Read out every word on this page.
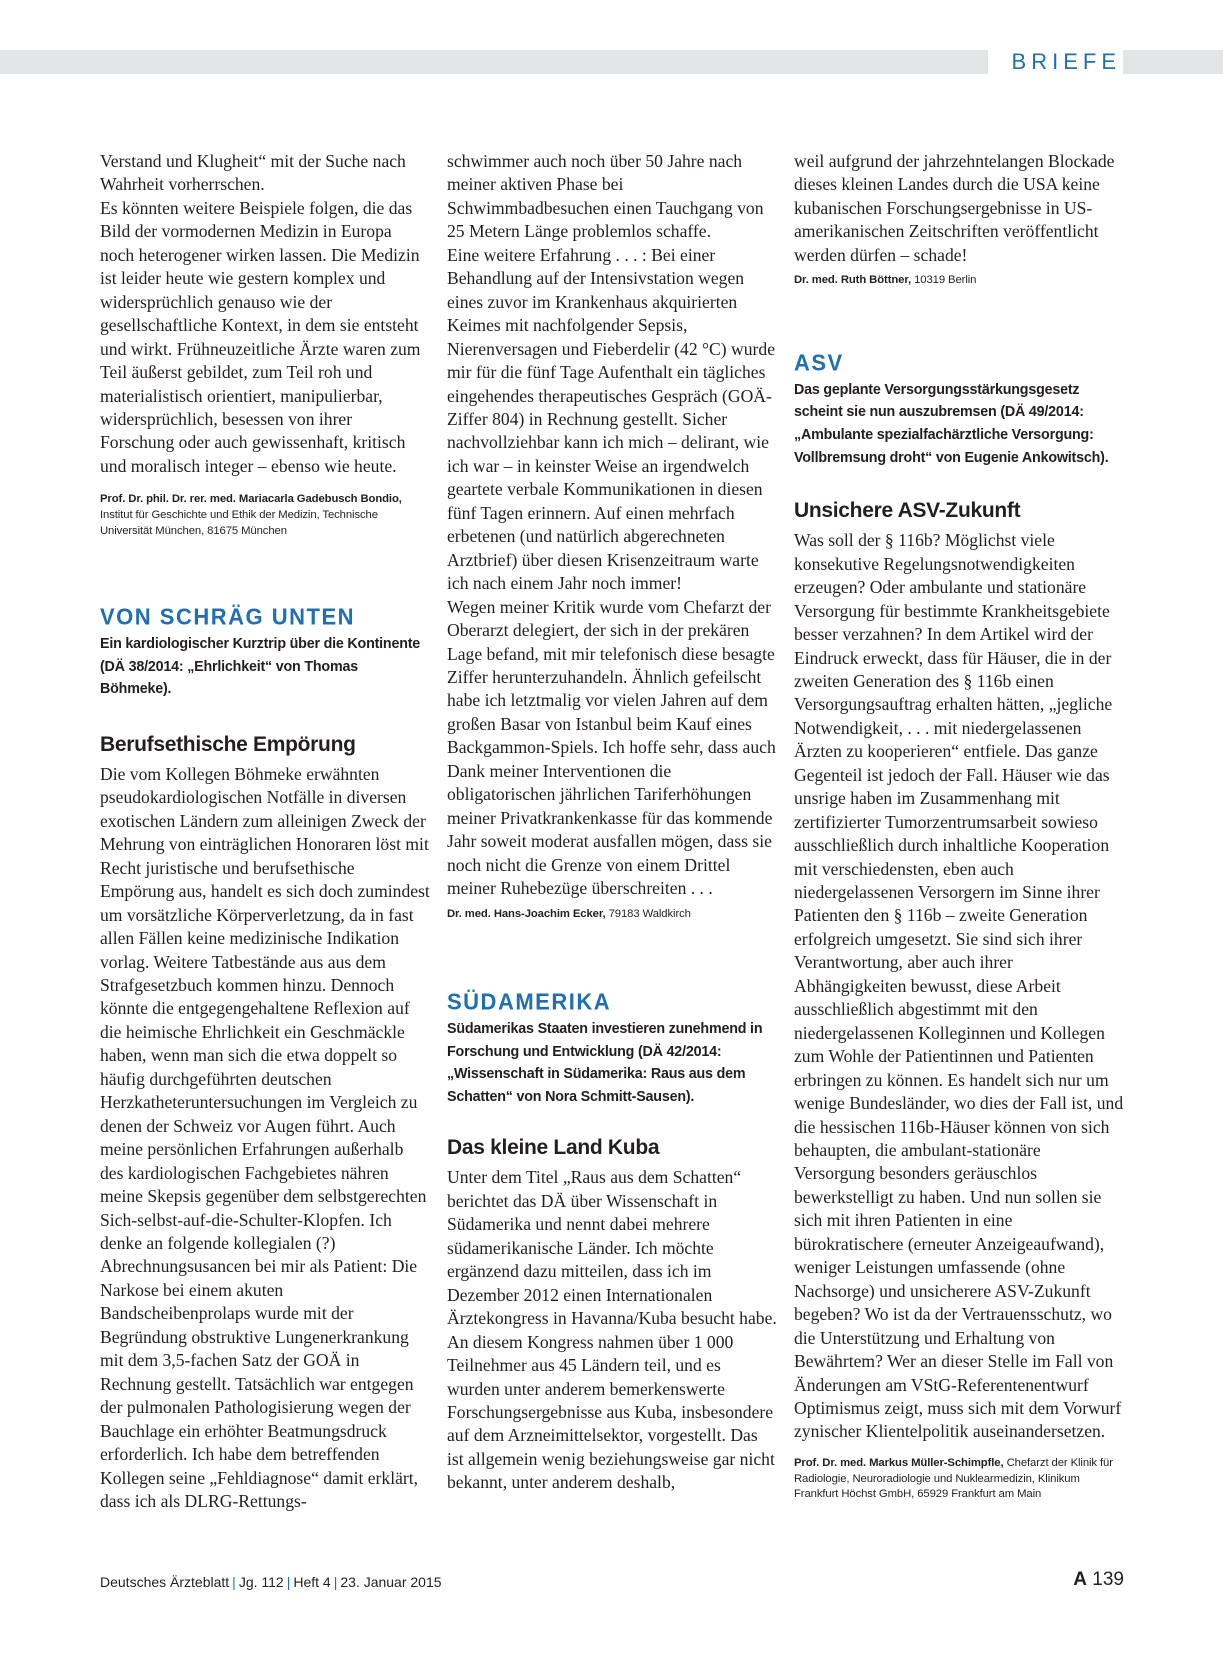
BRIEFE

Verstand und Klugheit“ mit der Suche nach Wahrheit vorherrschen.
Es könnten weitere Beispiele folgen, die das Bild der vormodernen Medizin in Europa noch heterogener wirken lassen. Die Medizin ist leider heute wie gestern komplex und widersprüchlich genauso wie der gesellschaftliche Kontext, in dem sie entsteht und wirkt. Frühneuzeitliche Ärzte waren zum Teil äußerst gebildet, zum Teil roh und materialistisch orientiert, manipulierbar, widersprüchlich, besessen von ihrer Forschung oder auch gewissenhaft, kritisch und moralisch integer – ebenso wie heute.

Prof. Dr. phil. Dr. rer. med. Mariacarla Gadebusch Bondio,
Institut für Geschichte und Ethik der Medizin, Technische Universität München, 81675 München

VON SCHRÄG UNTEN

Ein kardiologischer Kurztrip über die Kontinente (DÄ 38/2014: „Ehrlichkeit“ von Thomas Böhmeke).

Berufsethische Empörung

Die vom Kollegen Böhmeke erwähnten pseudokardiologischen Notfälle in diversen exotischen Ländern zum alleinigen Zweck der Mehrung von einträglichen Honoraren löst mit Recht juristische und berufsethische Empörung aus, handelt es sich doch zumindest um vorsätzliche Körperverletzung, da in fast allen Fällen keine medizinische Indikation vorlag. Weitere Tatbestände aus aus dem Strafgesetzbuch kommen hinzu. Dennoch könnte die entgegengehaltene Reflexion auf die heimische Ehrlichkeit ein Geschmäckle haben, wenn man sich die etwa doppelt so häufig durchgeführten deutschen Herzkatheteruntersuchungen im Vergleich zu denen der Schweiz vor Augen führt. Auch meine persönlichen Erfahrungen außerhalb des kardiologischen Fachgebietes nähren meine Skepsis gegenüber dem selbstgerechten Sich-selbst-auf-die-Schulter-Klopfen. Ich denke an folgende kollegialen (?) Abrechnungsusancen bei mir als Patient: Die Narkose bei einem akuten Bandscheibenprolaps wurde mit der Begründung obstruktive Lungenerkrankung mit dem 3,5-fachen Satz der GOÄ in Rechnung gestellt. Tatsächlich war entgegen der pulmonalen Pathologisierung wegen der Bauchlage ein erhöhter Beatmungsdruck erforderlich. Ich habe dem betreffenden Kollegen seine „Fehldiagnose“ damit erklärt, dass ich als DLRG-Rettungs-

schwimmer auch noch über 50 Jahre nach meiner aktiven Phase bei Schwimmbadbesuchen einen Tauchgang von 25 Metern Länge problemlos schaffe.
Eine weitere Erfahrung . . . : Bei einer Behandlung auf der Intensivstation wegen eines zuvor im Krankenhaus akquirierten Keimes mit nachfolgender Sepsis, Nierenversagen und Fieberdelir (42 °C) wurde mir für die fünf Tage Aufenthalt ein tägliches eingehendes therapeutisches Gespräch (GOÄ-Ziffer 804) in Rechnung gestellt. Sicher nachvollziehbar kann ich mich – delirant, wie ich war – in keinster Weise an irgendwelch geartete verbale Kommunikationen in diesen fünf Tagen erinnern. Auf einen mehrfach erbetenen (und natürlich abgerechneten Arztbrief) über diesen Krisenzeitraum warte ich nach einem Jahr noch immer!
Wegen meiner Kritik wurde vom Chefarzt der Oberarzt delegiert, der sich in der prekären Lage befand, mit mir telefonisch diese besagte Ziffer herunterzuhandeln. Ähnlich gefeilscht habe ich letztmalig vor vielen Jahren auf dem großen Basar von Istanbul beim Kauf eines Backgammon-Spiels. Ich hoffe sehr, dass auch Dank meiner Interventionen die obligatorischen jährlichen Tariferhöhungen meiner Privatkrankenkasse für das kommende Jahr soweit moderat ausfallen mögen, dass sie noch nicht die Grenze von einem Drittel meiner Ruhebezüge überschreiten . . .

Dr. med. Hans-Joachim Ecker, 79183 Waldkirch

SÜDAMERIKA

Südamerikas Staaten investieren zunehmend in Forschung und Entwicklung (DÄ 42/2014: „Wissenschaft in Südamerika: Raus aus dem Schatten“ von Nora Schmitt-Sausen).

Das kleine Land Kuba

Unter dem Titel „Raus aus dem Schatten“ berichtet das DÄ über Wissenschaft in Südamerika und nennt dabei mehrere südamerikanische Länder. Ich möchte ergänzend dazu mitteilen, dass ich im Dezember 2012 einen Internationalen Ärztekongress in Havanna/Kuba besucht habe. An diesem Kongress nahmen über 1 000 Teilnehmer aus 45 Ländern teil, und es wurden unter anderem bemerkenswerte Forschungsergebnisse aus Kuba, insbesondere auf dem Arzneimittelsektor, vorgestellt. Das ist allgemein wenig beziehungsweise gar nicht bekannt, unter anderem deshalb,

weil aufgrund der jahrzehntelangen Blockade dieses kleinen Landes durch die USA keine kubanischen Forschungsergebnisse in US-amerikanischen Zeitschriften veröffentlicht werden dürfen – schade!

Dr. med. Ruth Böttner, 10319 Berlin

ASV

Das geplante Versorgungsstärkungsgesetz scheint sie nun auszubremsen (DÄ 49/2014: „Ambulante spezialfachärztliche Versorgung: Vollbremsung droht“ von Eugenie Ankowitsch).

Unsichere ASV-Zukunft

Was soll der § 116b? Möglichst viele konsekutive Regelungsnotwendigkeiten erzeugen? Oder ambulante und stationäre Versorgung für bestimmte Krankheitsgebiete besser verzahnen? In dem Artikel wird der Eindruck erweckt, dass für Häuser, die in der zweiten Generation des § 116b einen Versorgungsauftrag erhalten hätten, „jegliche Notwendigkeit, . . . mit niedergelassenen Ärzten zu kooperieren“ entfiele. Das ganze Gegenteil ist jedoch der Fall. Häuser wie das unsrige haben im Zusammenhang mit zertifizierter Tumorzentrumsarbeit sowieso ausschließlich durch inhaltliche Kooperation mit verschiedensten, eben auch niedergelassenen Versorgern im Sinne ihrer Patienten den § 116b – zweite Generation erfolgreich umgesetzt. Sie sind sich ihrer Verantwortung, aber auch ihrer Abhängigkeiten bewusst, diese Arbeit ausschließlich abgestimmt mit den niedergelassenen Kolleginnen und Kollegen zum Wohle der Patientinnen und Patienten erbringen zu können. Es handelt sich nur um wenige Bundesländer, wo dies der Fall ist, und die hessischen 116b-Häuser können von sich behaupten, die ambulant-stationäre Versorgung besonders geräuschlos bewerkstelligt zu haben. Und nun sollen sie sich mit ihren Patienten in eine bürokratischere (erneuter Anzeigeaufwand), weniger Leistungen umfassende (ohne Nachsorge) und unsicherere ASV-Zukunft begeben? Wo ist da der Vertrauensschutz, wo die Unterstützung und Erhaltung von Bewährtem? Wer an dieser Stelle im Fall von Änderungen am VStG-Referentenentwurf Optimismus zeigt, muss sich mit dem Vorwurf zynischer Klientelpolitik auseinandersetzen.

Prof. Dr. med. Markus Müller-Schimpfle, Chefarzt der Klinik für Radiologie, Neuroradiologie und Nuklearmedizin, Klinikum Frankfurt Höchst GmbH, 65929 Frankfurt am Main

Deutsches Ärzteblatt | Jg. 112 | Heft 4 | 23. Januar 2015	A 139
